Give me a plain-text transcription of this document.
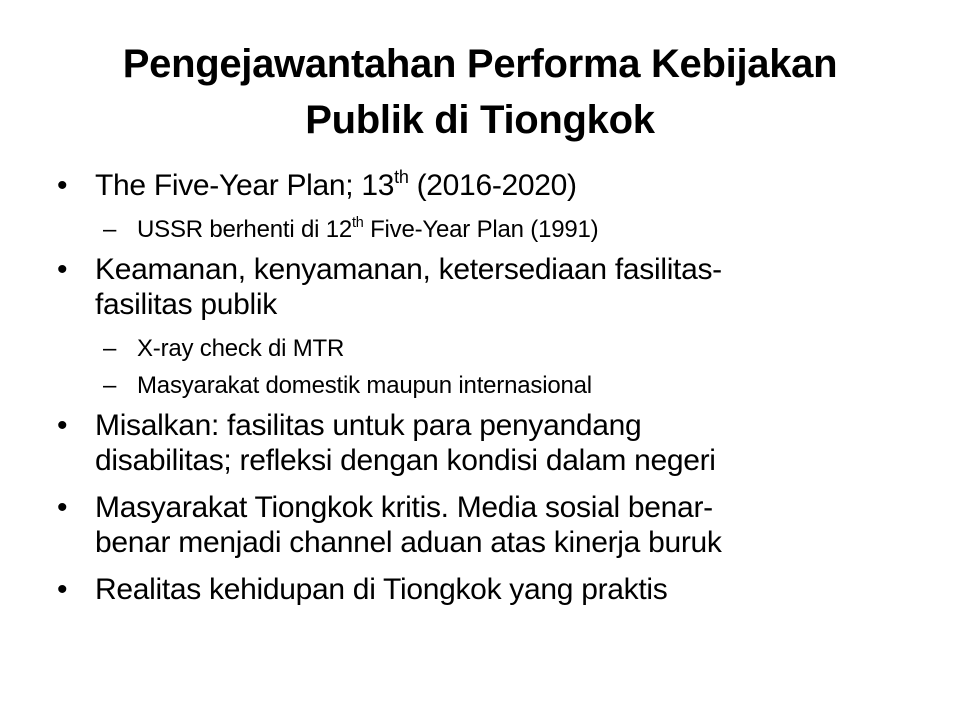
Pengejawantahan Performa Kebijakan
Publik di Tiongkok
• The Five-Year Plan; 13th (2016-2020)
– USSR berhenti di 12th Five-Year Plan (1991)
• Keamanan, kenyamanan, ketersediaan fasilitas-
fasilitas publik
– X-ray check di MTR
– Masyarakat domestik maupun internasional
• Misalkan: fasilitas untuk para penyandang
disabilitas; refleksi dengan kondisi dalam negeri
• Masyarakat Tiongkok kritis. Media sosial benar-
benar menjadi channel aduan atas kinerja buruk
• Realitas kehidupan di Tiongkok yang praktis
